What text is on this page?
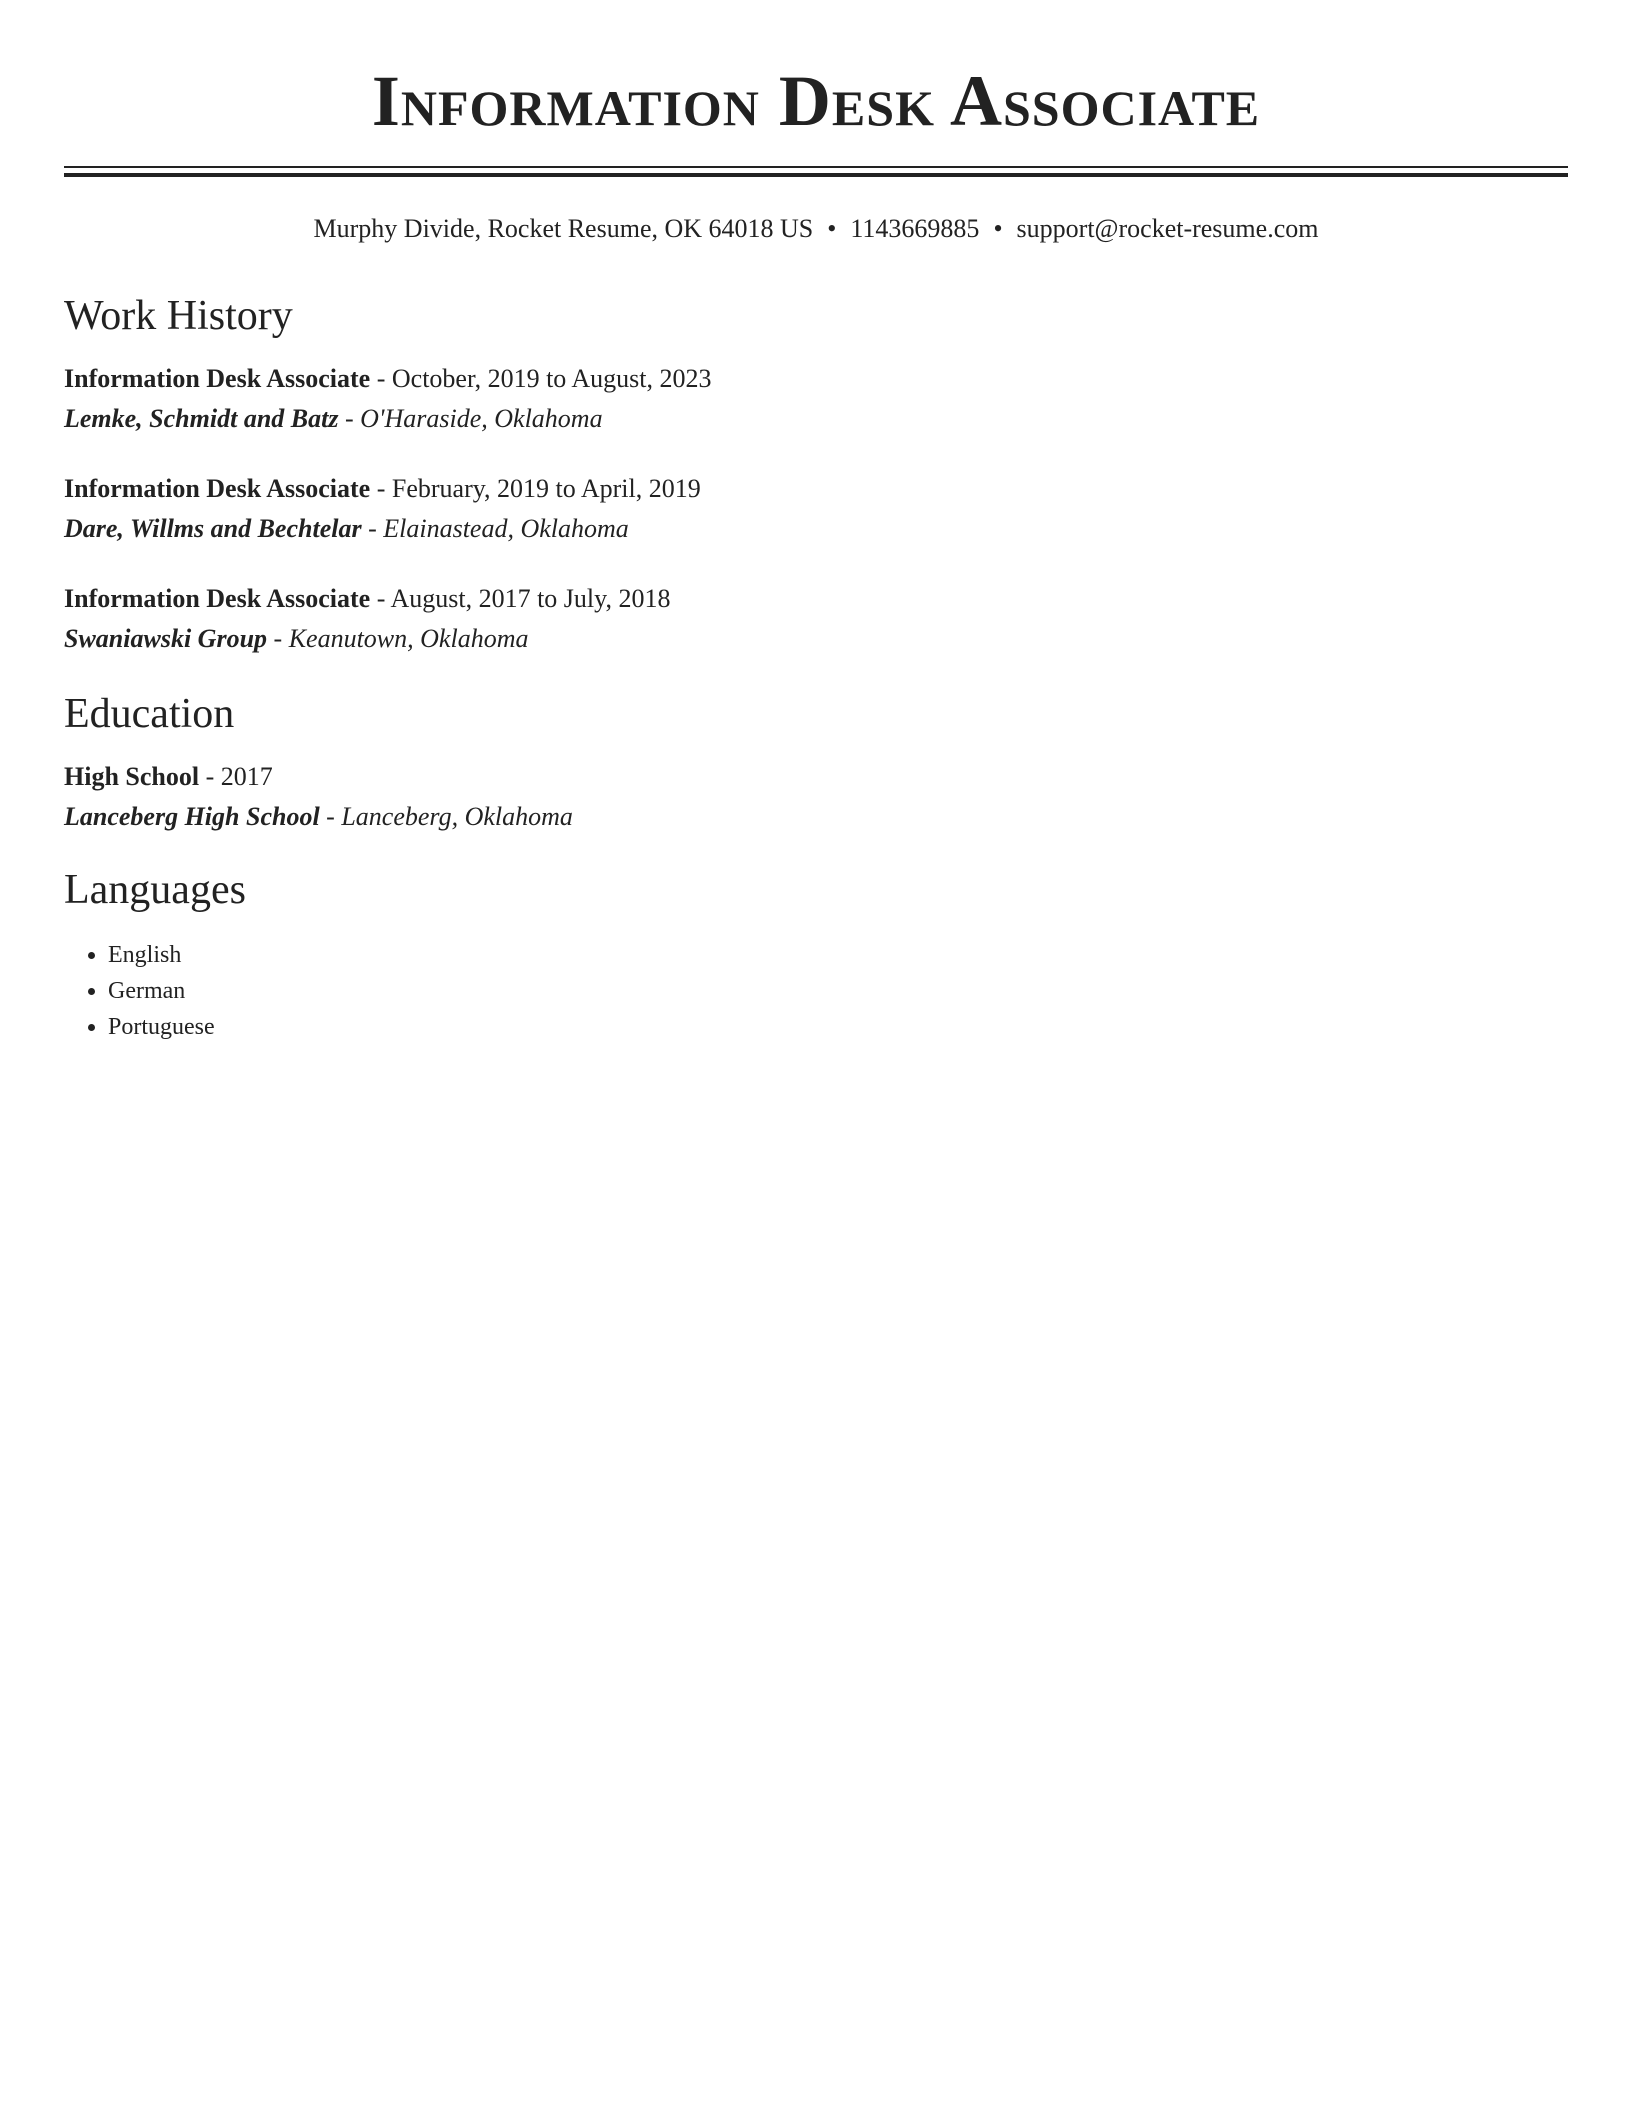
Information Desk Associate
Murphy Divide, Rocket Resume, OK 64018 US • 1143669885 • support@rocket-resume.com
Work History
Information Desk Associate - October, 2019 to August, 2023
Lemke, Schmidt and Batz - O'Haraside, Oklahoma
Information Desk Associate - February, 2019 to April, 2019
Dare, Willms and Bechtelar - Elainastead, Oklahoma
Information Desk Associate - August, 2017 to July, 2018
Swaniawski Group - Keanutown, Oklahoma
Education
High School - 2017
Lanceberg High School - Lanceberg, Oklahoma
Languages
• English
• German
• Portuguese
